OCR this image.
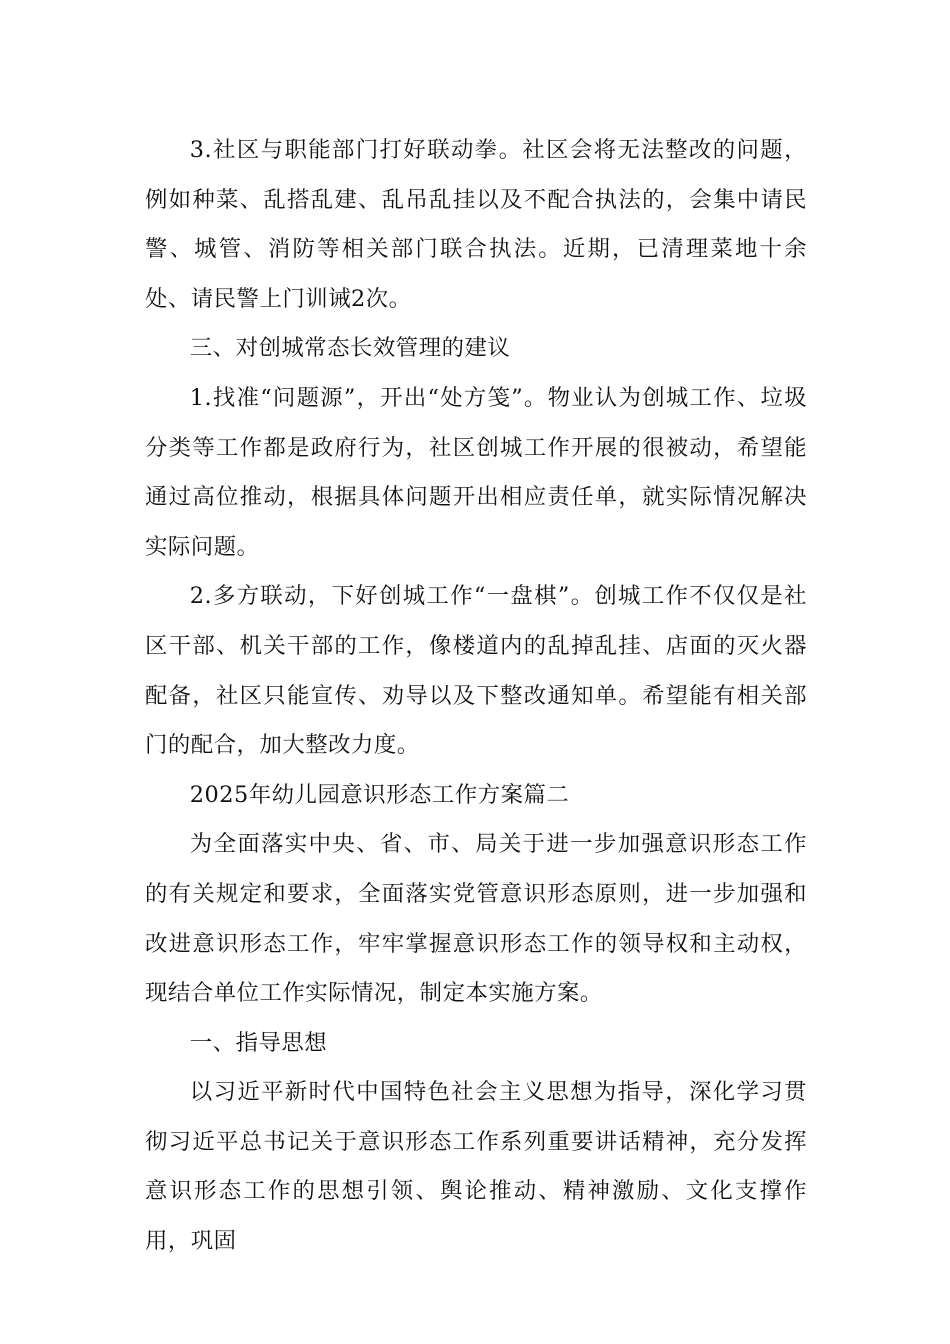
3.社区与职能部门打好联动拳。社区会将无法整改的问题，例如种菜、乱搭乱建、乱吊乱挂以及不配合执法的，会集中请民警、城管、消防等相关部门联合执法。近期，已清理菜地十余处、请民警上门训诫2次。

三、对创城常态长效管理的建议

1.找准“问题源”，开出“处方笺”。物业认为创城工作、垃圾分类等工作都是政府行为，社区创城工作开展的很被动，希望能通过高位推动，根据具体问题开出相应责任单，就实际情况解决实际问题。

2.多方联动，下好创城工作“一盘棋”。创城工作不仅仅是社区干部、机关干部的工作，像楼道内的乱掉乱挂、店面的灭火器配备，社区只能宣传、劝导以及下整改通知单。希望能有相关部门的配合，加大整改力度。

2025年幼儿园意识形态工作方案篇二

为全面落实中央、省、市、局关于进一步加强意识形态工作的有关规定和要求，全面落实党管意识形态原则，进一步加强和改进意识形态工作，牢牢掌握意识形态工作的领导权和主动权，现结合单位工作实际情况，制定本实施方案。

一、指导思想

以习近平新时代中国特色社会主义思想为指导，深化学习贯彻习近平总书记关于意识形态工作系列重要讲话精神，充分发挥意识形态工作的思想引领、舆论推动、精神激励、文化支撑作用，巩固
